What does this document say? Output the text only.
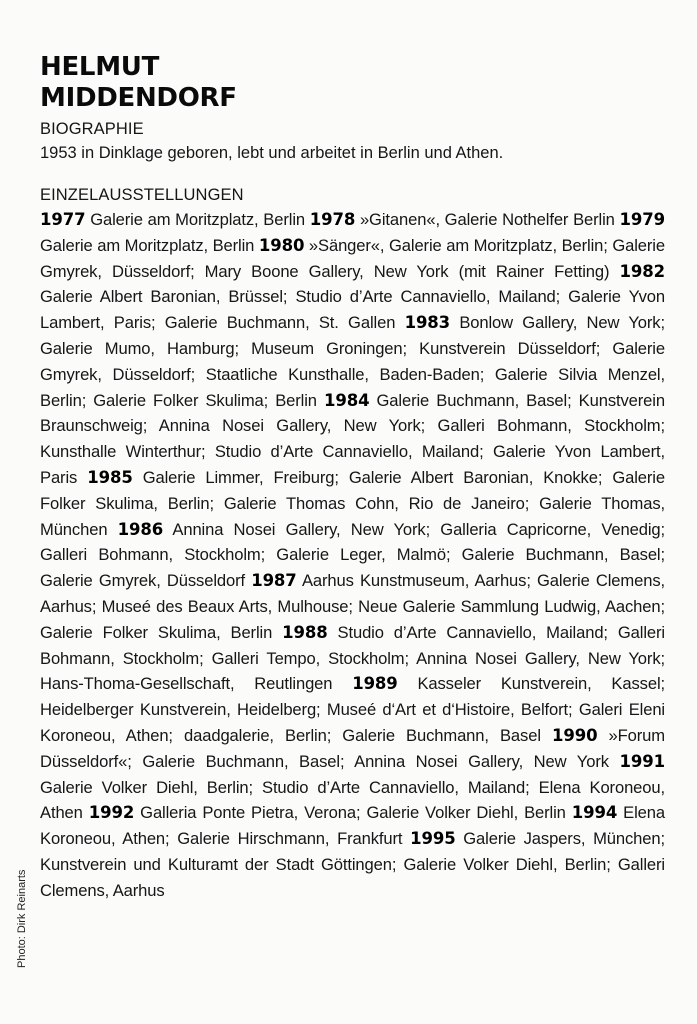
HELMUT
MIDDENDORF
BIOGRAPHIE

1953 in Dinklage geboren, lebt und arbeitet in Berlin und Athen.

EINZELAUSSTELLUNGEN

1977 Galerie am Moritzplatz, Berlin 1978 »Gitanen«, Galerie Nothelfer Berlin 1979 Galerie am Moritzplatz, Berlin 1980 »Sänger«, Galerie am Moritzplatz, Berlin; Galerie Gmyrek, Düsseldorf; Mary Boone Gallery, New York (mit Rainer Fetting) 1982 Galerie Albert Baronian, Brüssel; Studio d’Arte Cannaviello, Mailand; Galerie Yvon Lambert, Paris; Galerie Buchmann, St. Gallen 1983 Bonlow Gallery, New York; Galerie Mumo, Hamburg; Museum Groningen; Kunstverein Düsseldorf; Galerie Gmyrek, Düsseldorf; Staatliche Kunsthalle, Baden-Baden; Galerie Silvia Menzel, Berlin; Galerie Folker Skulima; Berlin 1984 Galerie Buchmann, Basel; Kunstverein Braunschweig; Annina Nosei Gallery, New York; Galleri Bohmann, Stockholm; Kunsthalle Winterthur; Studio d’Arte Cannaviello, Mailand; Galerie Yvon Lambert, Paris 1985 Galerie Limmer, Freiburg; Galerie Albert Baronian, Knokke; Galerie Folker Skulima, Berlin; Galerie Thomas Cohn, Rio de Janeiro; Galerie Thomas, München 1986 Annina Nosei Gallery, New York; Galleria Capricorne, Venedig; Galleri Bohmann, Stockholm; Galerie Leger, Malmö; Galerie Buchmann, Basel; Galerie Gmyrek, Düsseldorf 1987 Aarhus Kunstmuseum, Aarhus; Galerie Clemens, Aarhus; Museé des Beaux Arts, Mulhouse; Neue Galerie Sammlung Ludwig, Aachen; Galerie Folker Skulima, Berlin 1988 Studio d’Arte Cannaviello, Mailand; Galleri Bohmann, Stockholm; Galleri Tempo, Stockholm; Annina Nosei Gallery, New York; Hans-Thoma-Gesellschaft, Reutlingen 1989 Kasseler Kunstverein, Kassel; Heidelberger Kunstverein, Heidelberg; Museé d‘Art et d‘Histoire, Belfort; Galeri Eleni Koroneou, Athen; daadgalerie, Berlin; Galerie Buchmann, Basel 1990 »Forum Düsseldorf«; Galerie Buchmann, Basel; Annina Nosei Gallery, New York 1991 Galerie Volker Diehl, Berlin; Studio d’Arte Cannaviello, Mailand; Elena Koroneou, Athen 1992 Galleria Ponte Pietra, Verona; Galerie Volker Diehl, Berlin 1994 Elena Koroneou, Athen; Galerie Hirschmann, Frankfurt 1995 Galerie Jaspers, München; Kunstverein und Kulturamt der Stadt Göttingen; Galerie Volker Diehl, Berlin; Galleri Clemens, Aarhus

Photo: Dirk Reinarts
